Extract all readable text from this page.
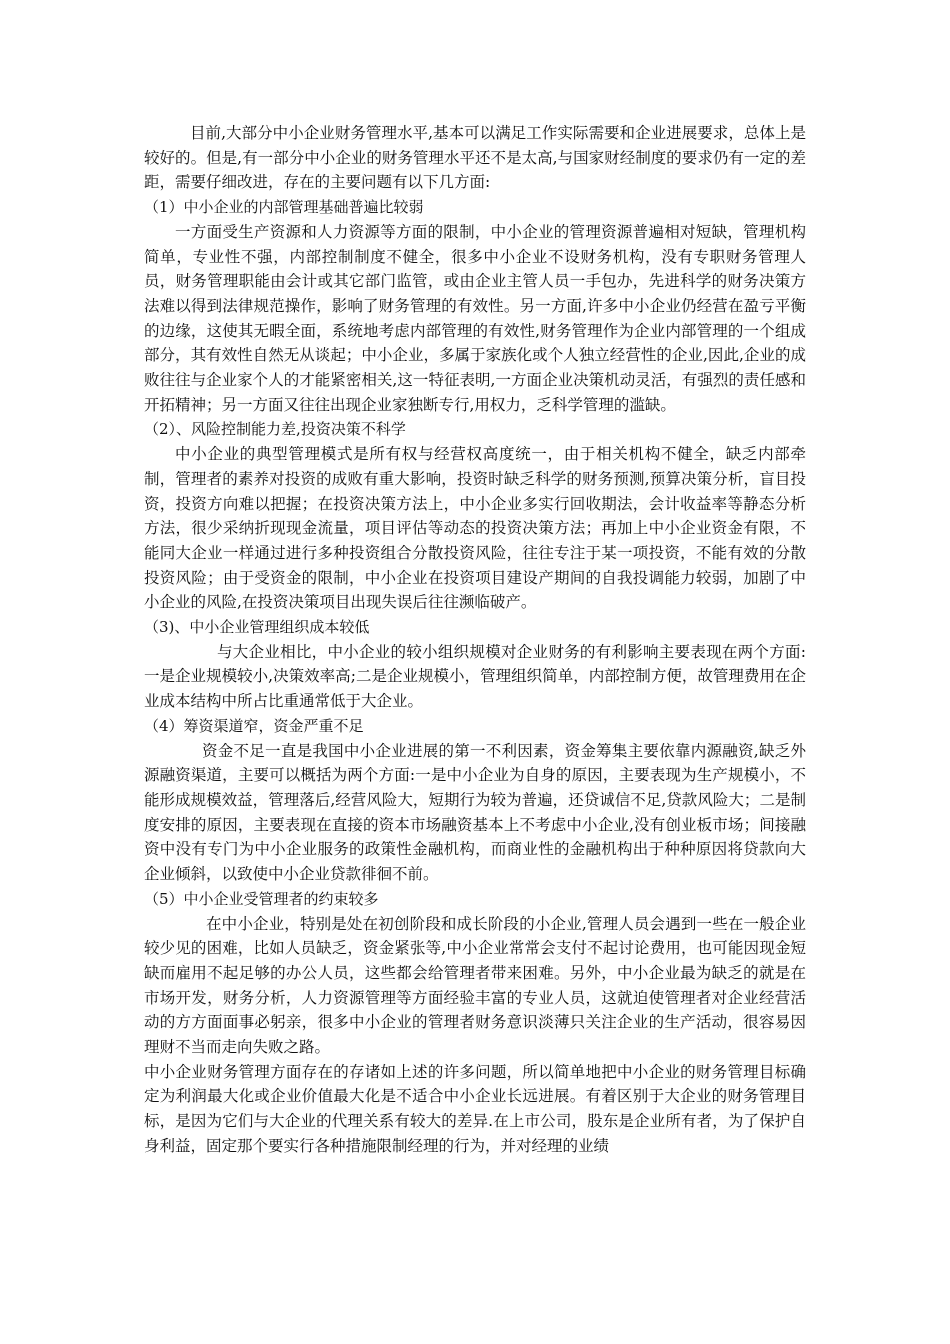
目前,大部分中小企业财务管理水平,基本可以满足工作实际需要和企业进展要求，总体上是较好的。但是,有一部分中小企业的财务管理水平还不是太高,与国家财经制度的要求仍有一定的差距，需要仔细改进，存在的主要问题有以下几方面:

（1）中小企业的内部管理基础普遍比较弱

一方面受生产资源和人力资源等方面的限制，中小企业的管理资源普遍相对短缺，管理机构简单，专业性不强，内部控制制度不健全，很多中小企业不设财务机构，没有专职财务管理人员，财务管理职能由会计或其它部门监管，或由企业主管人员一手包办，先进科学的财务决策方法难以得到法律规范操作，影响了财务管理的有效性。另一方面,许多中小企业仍经营在盈亏平衡的边缘，这使其无暇全面，系统地考虑内部管理的有效性,财务管理作为企业内部管理的一个组成部分，其有效性自然无从谈起；中小企业，多属于家族化或个人独立经营性的企业,因此,企业的成败往往与企业家个人的才能紧密相关,这一特征表明,一方面企业决策机动灵活，有强烈的责任感和开拓精神；另一方面又往往出现企业家独断专行,用权力，乏科学管理的滥缺。

（2）、风险控制能力差,投资决策不科学

中小企业的典型管理模式是所有权与经营权高度统一，由于相关机构不健全，缺乏内部牵制，管理者的素养对投资的成败有重大影响，投资时缺乏科学的财务预测,预算决策分析，盲目投资，投资方向难以把握；在投资决策方法上，中小企业多实行回收期法，会计收益率等静态分析方法，很少采纳折现现金流量，项目评估等动态的投资决策方法；再加上中小企业资金有限，不能同大企业一样通过进行多种投资组合分散投资风险，往往专注于某一项投资，不能有效的分散投资风险；由于受资金的限制，中小企业在投资项目建设产期间的自我投调能力较弱，加剧了中小企业的风险,在投资决策项目出现失误后往往濒临破产。

（3)、中小企业管理组织成本较低

与大企业相比，中小企业的较小组织规模对企业财务的有利影响主要表现在两个方面:一是企业规模较小,决策效率高;二是企业规模小，管理组织简单，内部控制方便，故管理费用在企业成本结构中所占比重通常低于大企业。

（4）筹资渠道窄，资金严重不足

资金不足一直是我国中小企业进展的第一不利因素，资金筹集主要依靠内源融资,缺乏外源融资渠道，主要可以概括为两个方面:一是中小企业为自身的原因，主要表现为生产规模小，不能形成规模效益，管理落后,经营风险大，短期行为较为普遍，还贷诚信不足,贷款风险大；二是制度安排的原因，主要表现在直接的资本市场融资基本上不考虑中小企业,没有创业板市场；间接融资中没有专门为中小企业服务的政策性金融机构，而商业性的金融机构出于种种原因将贷款向大企业倾斜，以致使中小企业贷款徘徊不前。

（5）中小企业受管理者的约束较多

在中小企业，特别是处在初创阶段和成长阶段的小企业,管理人员会遇到一些在一般企业较少见的困难，比如人员缺乏，资金紧张等,中小企业常常会支付不起讨论费用，也可能因现金短缺而雇用不起足够的办公人员，这些都会给管理者带来困难。另外，中小企业最为缺乏的就是在市场开发，财务分析，人力资源管理等方面经验丰富的专业人员，这就迫使管理者对企业经营活动的方方面面事必躬亲，很多中小企业的管理者财务意识淡薄只关注企业的生产活动，很容易因理财不当而走向失败之路。

中小企业财务管理方面存在的存诸如上述的许多问题，所以简单地把中小企业的财务管理目标确定为利润最大化或企业价值最大化是不适合中小企业长远进展。有着区别于大企业的财务管理目标，是因为它们与大企业的代理关系有较大的差异.在上市公司，股东是企业所有者，为了保护自身利益，固定那个要实行各种措施限制经理的行为，并对经理的业绩
